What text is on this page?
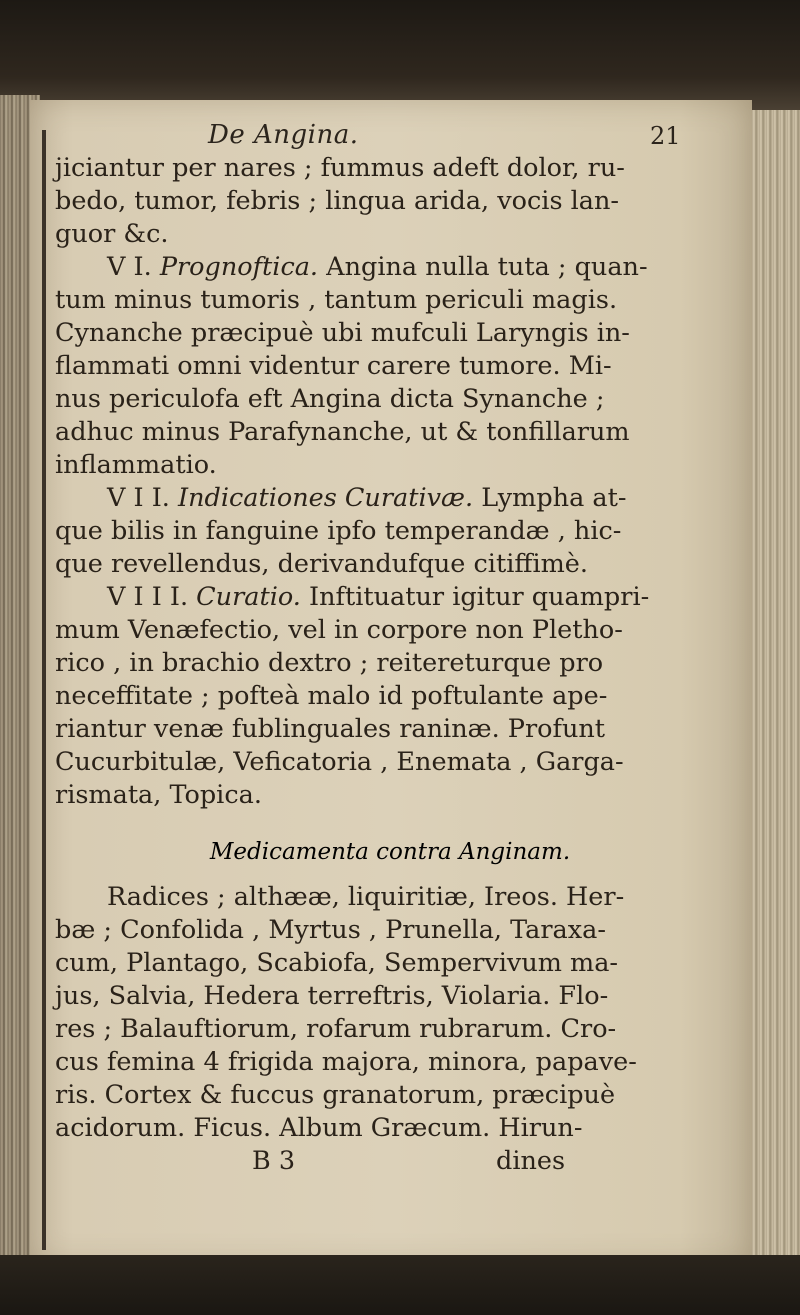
De Angina.	21
jiciantur per nares ; fummus adeft dolor, ru-
bedo, tumor, febris ; lingua arida, vocis lan-
guor &c.
V I. Prognoftica. Angina nulla tuta ; quan-
tum minus tumoris , tantum periculi magis.
Cynanche præcipuè ubi mufculi Laryngis in-
flammati omni videntur carere tumore. Mi-
nus periculofa eft Angina dicta Synanche ;
adhuc minus Parafynanche, ut & tonfillarum
inflammatio.
V I I. Indicationes Curativæ. Lympha at-
que bilis in fanguine ipfo temperandæ , hic-
que revellendus, derivandufque citiffimè.
V I I I. Curatio. Inftituatur igitur quampri-
mum Venæfectio, vel in corpore non Pletho-
rico , in brachio dextro ; reitereturque pro
neceffitate ; pofteà malo id poftulante ape-
riantur venæ fublinguales raninæ. Profunt
Cucurbitulæ, Veficatoria , Enemata , Garga-
rismata, Topica.
Medicamenta contra Anginam.
Radices ; althææ, liquiritiæ, Ireos. Her-
bæ ; Confolida , Myrtus , Prunella, Taraxa-
cum, Plantago, Scabiofa, Sempervivum ma-
jus, Salvia, Hedera terreftris, Violaria. Flo-
res ; Balauftiorum, rofarum rubrarum. Cro-
cus femina 4 frigida majora, minora, papave-
ris. Cortex & fuccus granatorum, præcipuè
acidorum. Ficus. Album Græcum. Hirun-
B 3	dines
